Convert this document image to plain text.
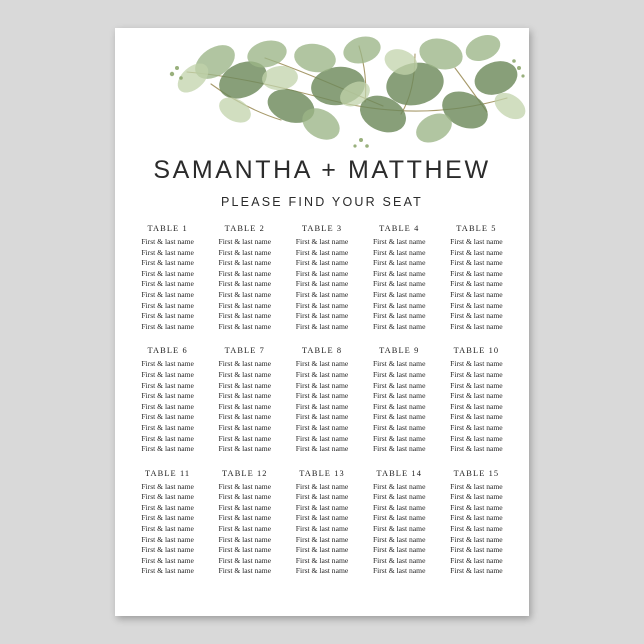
SAMANTHA + MATTHEW
PLEASE FIND YOUR SEAT
TABLE 1
First & last name
First & last name
First & last name
First & last name
First & last name
First & last name
First & last name
First & last name
First & last name
TABLE 2
First & last name
First & last name
First & last name
First & last name
First & last name
First & last name
First & last name
First & last name
First & last name
TABLE 3
First & last name
First & last name
First & last name
First & last name
First & last name
First & last name
First & last name
First & last name
First & last name
TABLE 4
First & last name
First & last name
First & last name
First & last name
First & last name
First & last name
First & last name
First & last name
First & last name
TABLE 5
First & last name
First & last name
First & last name
First & last name
First & last name
First & last name
First & last name
First & last name
First & last name
TABLE 6
First & last name
First & last name
First & last name
First & last name
First & last name
First & last name
First & last name
First & last name
First & last name
TABLE 7
First & last name
First & last name
First & last name
First & last name
First & last name
First & last name
First & last name
First & last name
First & last name
TABLE 8
First & last name
First & last name
First & last name
First & last name
First & last name
First & last name
First & last name
First & last name
First & last name
TABLE 9
First & last name
First & last name
First & last name
First & last name
First & last name
First & last name
First & last name
First & last name
First & last name
TABLE 10
First & last name
First & last name
First & last name
First & last name
First & last name
First & last name
First & last name
First & last name
First & last name
TABLE 11
First & last name
First & last name
First & last name
First & last name
First & last name
First & last name
First & last name
First & last name
First & last name
TABLE 12
First & last name
First & last name
First & last name
First & last name
First & last name
First & last name
First & last name
First & last name
First & last name
TABLE 13
First & last name
First & last name
First & last name
First & last name
First & last name
First & last name
First & last name
First & last name
First & last name
TABLE 14
First & last name
First & last name
First & last name
First & last name
First & last name
First & last name
First & last name
First & last name
First & last name
TABLE 15
First & last name
First & last name
First & last name
First & last name
First & last name
First & last name
First & last name
First & last name
First & last name
